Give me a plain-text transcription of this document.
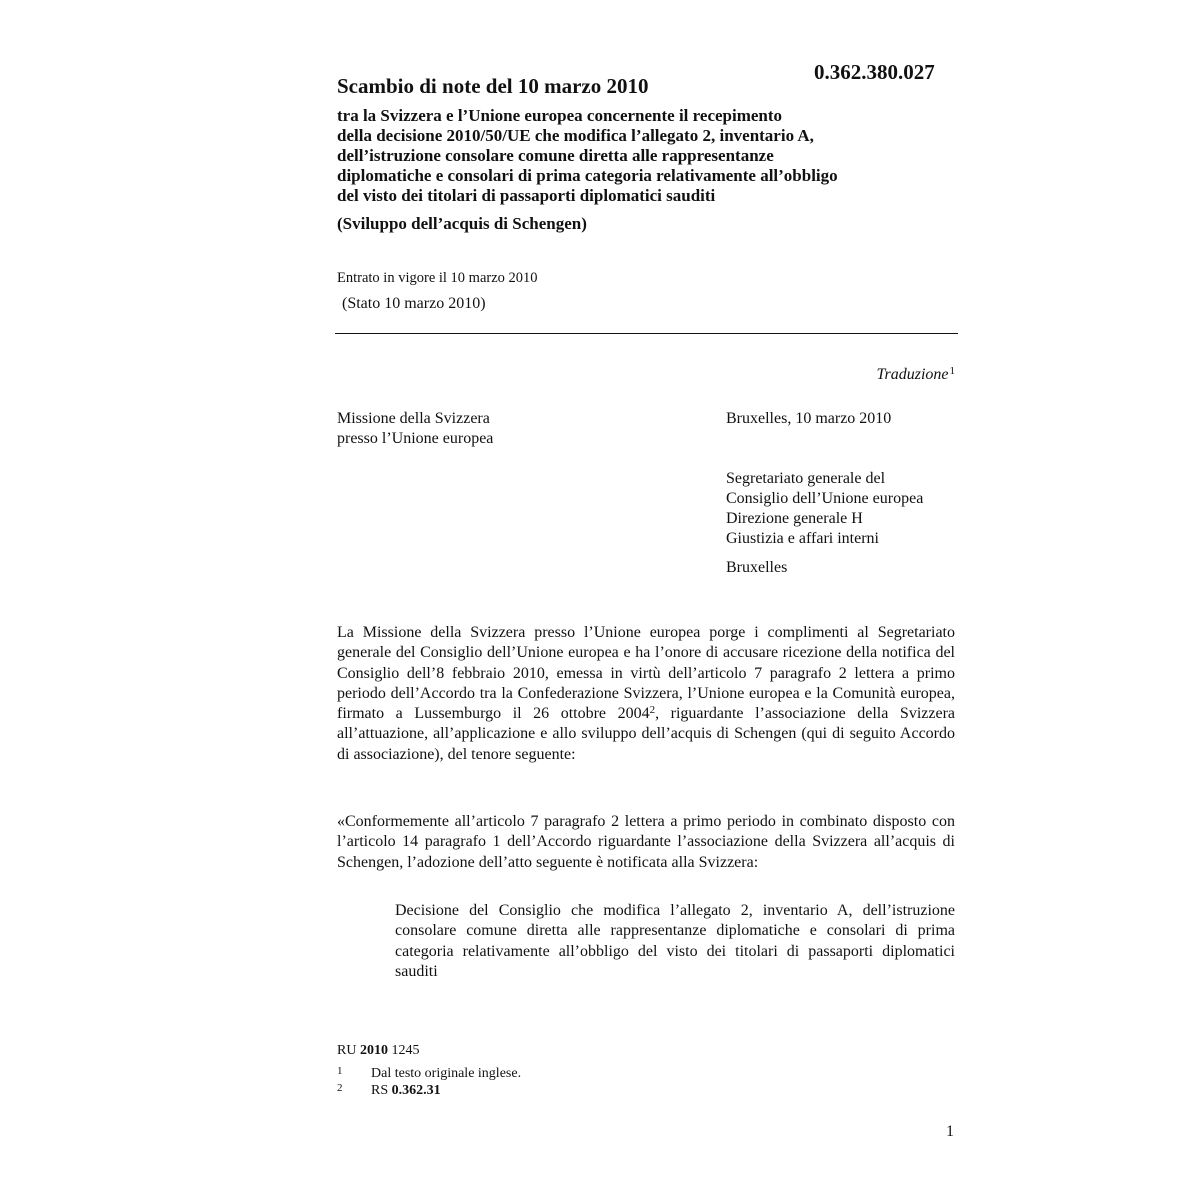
0.362.380.027
Scambio di note del 10 marzo 2010
tra la Svizzera e l’Unione europea concernente il recepimento
della decisione 2010/50/UE che modifica l’allegato 2, inventario A,
dell’istruzione consolare comune diretta alle rappresentanze
diplomatiche e consolari di prima categoria relativamente all’obbligo
del visto dei titolari di passaporti diplomatici sauditi
(Sviluppo dell’acquis di Schengen)
Entrato in vigore il 10 marzo 2010
(Stato 10 marzo 2010)
Traduzione$^1$
Missione della Svizzera
presso l’Unione europea
Bruxelles, 10 marzo 2010
Segretariato generale del
Consiglio dell’Unione europea
Direzione generale H
Giustizia e affari interni
Bruxelles
La Missione della Svizzera presso l’Unione europea porge i complimenti al Segretariato generale del Consiglio dell’Unione europea e ha l’onore di accusare ricezione della notifica del Consiglio dell’8 febbraio 2010, emessa in virtù dell’articolo 7 paragrafo 2 lettera a primo periodo dell’Accordo tra la Confederazione Svizzera, l’Unione europea e la Comunità europea, firmato a Lussemburgo il 26 ottobre 2004$^2$, riguardante l’associazione della Svizzera all’attuazione, all’applicazione e allo sviluppo dell’acquis di Schengen (qui di seguito Accordo di associazione), del tenore seguente:
«Conformemente all’articolo 7 paragrafo 2 lettera a primo periodo in combinato disposto con l’articolo 14 paragrafo 1 dell’Accordo riguardante l’associazione della Svizzera all’acquis di Schengen, l’adozione dell’atto seguente è notificata alla Svizzera:
Decisione del Consiglio che modifica l’allegato 2, inventario A, dell’istruzione consolare comune diretta alle rappresentanze diplomatiche e consolari di prima categoria relativamente all’obbligo del visto dei titolari di passaporti diplomatici sauditi
RU 2010 1245
1 Dal testo originale inglese.
2 RS 0.362.31
1
